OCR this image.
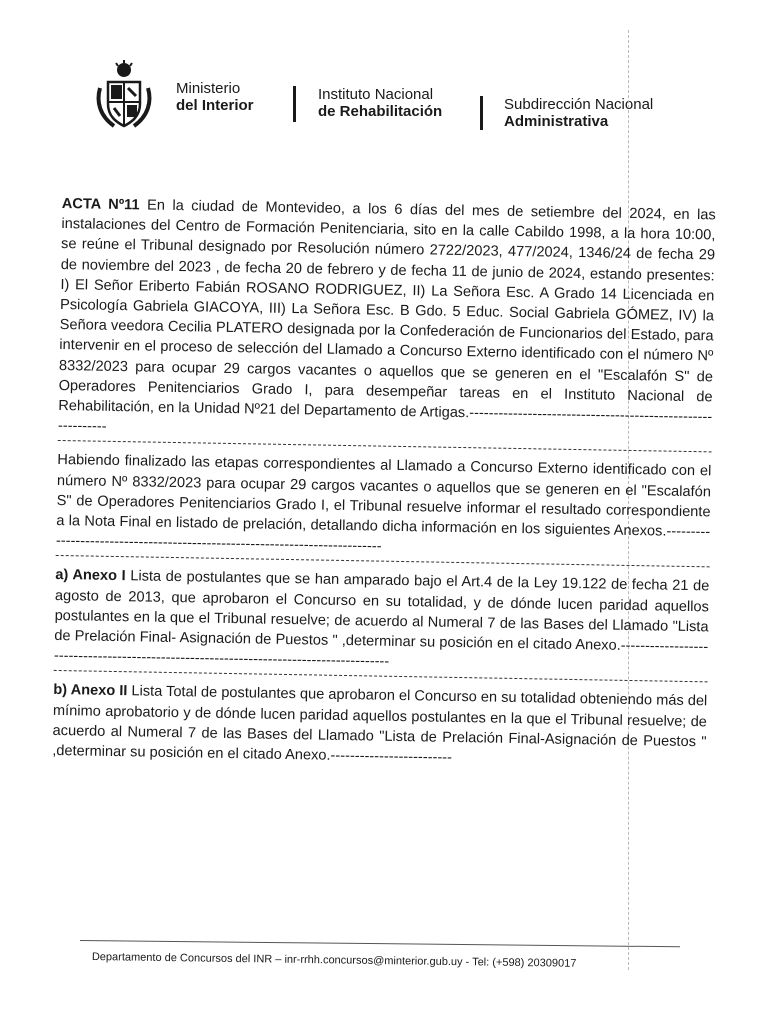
Ministerio
del Interior
Instituto Nacional
de Rehabilitación	Subdirección Nacional
Administrativa

ACTA Nº11 En la ciudad de Montevideo, a los 6 días del mes de setiembre del 2024, en las instalaciones del Centro de Formación Penitenciaria, sito en la calle Cabildo 1998, a la hora 10:00, se reúne el Tribunal designado por Resolución número 2722/2023, 477/2024, 1346/24 de fecha 29 de noviembre del 2023 , de fecha 20 de febrero y de fecha 11 de junio de 2024, estando presentes: I) El Señor Eriberto Fabián ROSANO RODRIGUEZ, II) La Señora Esc. A Grado 14 Licenciada en Psicología Gabriela GIACOYA, III) La Señora Esc. B Gdo. 5 Educ. Social Gabriela GÓMEZ, IV) la Señora veedora Cecilia PLATERO designada por la Confederación de Funcionarios del Estado, para intervenir en el proceso de selección del Llamado a Concurso Externo identificado con el número Nº 8332/2023 para ocupar 29 cargos vacantes o aquellos que se generen en el "Escalafón S" de Operadores Penitenciarios Grado I, para desempeñar tareas en el Instituto Nacional de Rehabilitación, en la Unidad Nº21 del Departamento de Artigas.------------------------------------------------------------

Habiendo finalizado las etapas correspondientes al Llamado a Concurso Externo identificado con el número Nº 8332/2023 para ocupar 29 cargos vacantes o aquellos que se generen en el "Escalafón S" de Operadores Penitenciarios Grado I, el Tribunal resuelve informar el resultado correspondiente a la Nota Final en listado de prelación, detallando dicha información en los siguientes Anexos.----------------------------------------------------------------------------

a) Anexo I Lista de postulantes que se han amparado bajo el Art.4 de la Ley 19.122 de fecha 21 de agosto de 2013, que aprobaron el Concurso en su totalidad, y de dónde lucen paridad aquellos postulantes en la que el Tribunal resuelve; de acuerdo al Numeral 7 de las Bases del Llamado "Lista de Prelación Final- Asignación de Puestos " ,determinar su posición en el citado Anexo.---------------------------------------------------------------------------------------

b) Anexo II Lista Total de postulantes que aprobaron el Concurso en su totalidad obteniendo más del mínimo aprobatorio y de dónde lucen paridad aquellos postulantes en la que el Tribunal resuelve; de acuerdo al Numeral 7 de las Bases del Llamado "Lista de Prelación Final-Asignación de Puestos " ,determinar su posición en el citado Anexo.-------------------------

Departamento de Concursos del INR – inr-rrhh.concursos@minterior.gub.uy - Tel: (+598) 20309017
